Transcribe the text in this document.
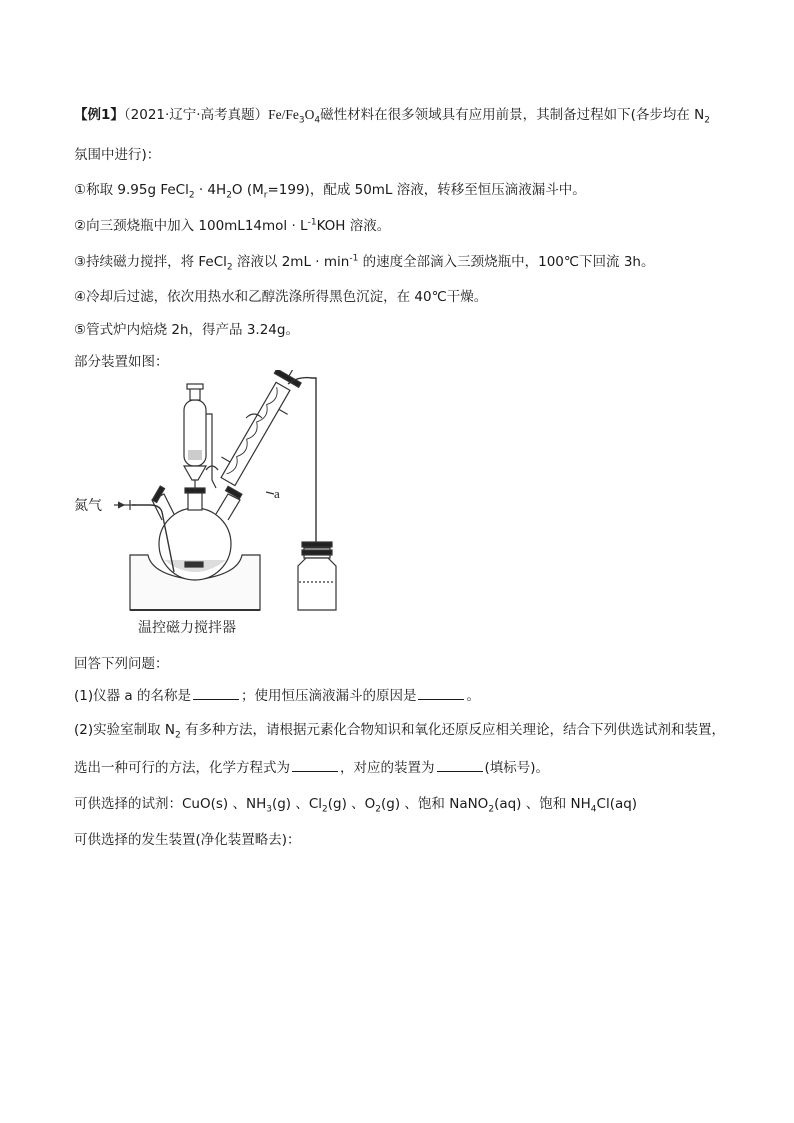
【例1】（2021·辽宁·高考真题）$Fe/Fe_3O_4$磁性材料在很多领域具有应用前景，其制备过程如下(各步均在 $N_2$
氛围中进行)：
①称取 9.95g FeCl$_2$ · $4H_2O$ $(M_r=199)$，配成 50mL 溶液，转移至恒压滴液漏斗中。
②向三颈烧瓶中加入 $100mL14mol \cdot L^{-1}KOH$ 溶液。
③持续磁力搅拌，将 FeCl$_2$ 溶液以 $2mL \cdot \min^{-1}$ 的速度全部滴入三颈烧瓶中，100℃下回流 3h。
④冷却后过滤，依次用热水和乙醇洗涤所得黑色沉淀，在 40℃干燥。
⑤管式炉内焙烧 2h，得产品 3.24g。
部分装置如图：
氮气
a
温控磁力搅拌器
回答下列问题：
(1)仪器 a 的名称是	；使用恒压滴液漏斗的原因是	。
(2)实验室制取 $N_2$ 有多种方法，请根据元素化合物知识和氧化还原反应相关理论，结合下列供选试剂和装置，
选出一种可行的方法，化学方程式为	，对应的装置为	(填标号)。
可供选择的试剂：CuO(s) 、$NH_3(g)$ 、$Cl_2(g)$ 、$O_2(g)$ 、饱和 NaNO$_2$(aq) 、饱和 $NH_4Cl(aq)$
可供选择的发生装置(净化装置略去)：
